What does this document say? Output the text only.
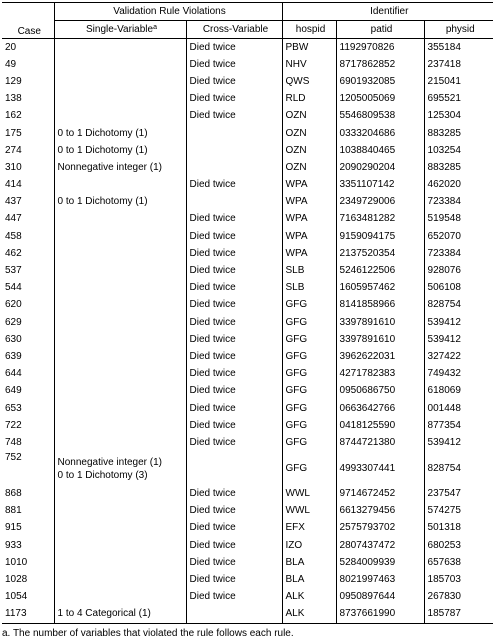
Case	Validation Rule Violations		Identifier		
	Single-Variable$^a$	Cross-Variable	hospid	patid	physid
20		Died twice	PBW	1192970826	355184
49		Died twice	NHV	8717862852	237418
129		Died twice	QWS	6901932085	215041
138		Died twice	RLD	1205005069	695521
162		Died twice	OZN	5546809538	125304
175	0 to 1 Dichotomy (1)		OZN	0333204686	883285
274	0 to 1 Dichotomy (1)		OZN	1038840465	103254
310	Nonnegative integer (1)		OZN	2090290204	883285
414		Died twice	WPA	3351107142	462020
437	0 to 1 Dichotomy (1)		WPA	2349729006	723384
447		Died twice	WPA	7163481282	519548
458		Died twice	WPA	9159094175	652070
462		Died twice	WPA	2137520354	723384
537		Died twice	SLB	5246122506	928076
544		Died twice	SLB	1605957462	506108
620		Died twice	GFG	8141858966	828754
629		Died twice	GFG	3397891610	539412
630		Died twice	GFG	3397891610	539412
639		Died twice	GFG	3962622031	327422
644		Died twice	GFG	4271782383	749432
649		Died twice	GFG	0950686750	618069
653		Died twice	GFG	0663642766	001448
722		Died twice	GFG	0418125590	877354
748		Died twice	GFG	8744721380	539412
752	Nonnegative integer (1)
0 to 1 Dichotomy (3)		GFG	4993307441	828754
868		Died twice	WWL	9714672452	237547
881		Died twice	WWL	6613279456	574275
915		Died twice	EFX	2575793702	501318
933		Died twice	IZO	2807437472	680253
1010		Died twice	BLA	5284009939	657638
1028		Died twice	BLA	8021997463	185703
1054		Died twice	ALK	0950897644	267830
1173	1 to 4 Categorical (1)		ALK	8737661990	185787
a. The number of variables that violated the rule follows each rule.
